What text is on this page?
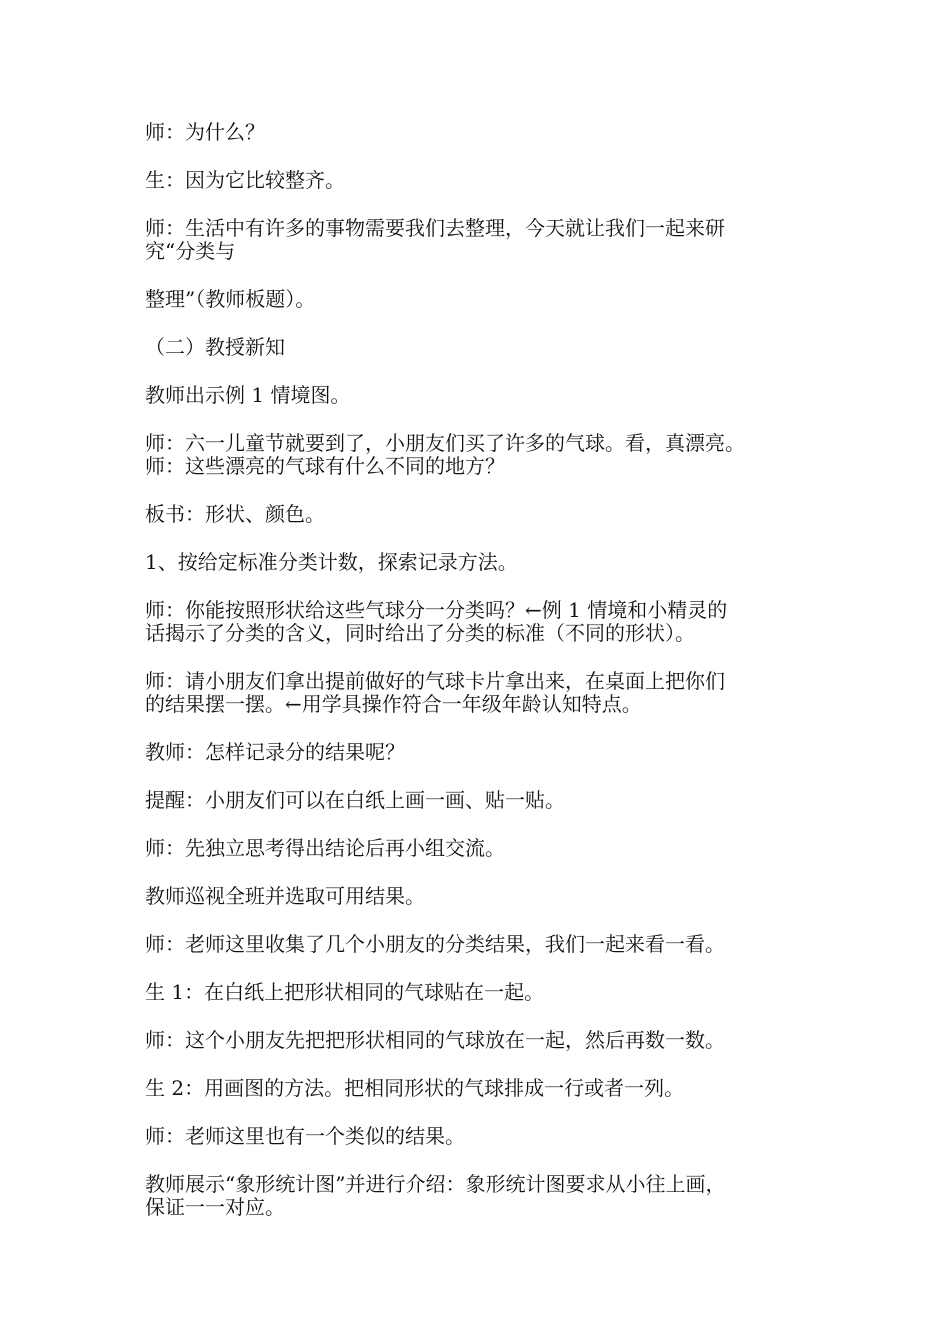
师：为什么？

生：因为它比较整齐。

师：生活中有许多的事物需要我们去整理，今天就让我们一起来研
究“分类与

整理”（教师板题）。

（二）教授新知

教师出示例 1 情境图。

师：六一儿童节就要到了，小朋友们买了许多的气球。看，真漂亮。
师：这些漂亮的气球有什么不同的地方？

板书：形状、颜色。

1、按给定标准分类计数，探索记录方法。

师：你能按照形状给这些气球分一分类吗？←例 1 情境和小精灵的
话揭示了分类的含义，同时给出了分类的标准（不同的形状）。

师：请小朋友们拿出提前做好的气球卡片拿出来，在桌面上把你们
的结果摆一摆。←用学具操作符合一年级年龄认知特点。

教师：怎样记录分的结果呢？

提醒：小朋友们可以在白纸上画一画、贴一贴。

师：先独立思考得出结论后再小组交流。

教师巡视全班并选取可用结果。

师：老师这里收集了几个小朋友的分类结果，我们一起来看一看。

生 1：在白纸上把形状相同的气球贴在一起。

师：这个小朋友先把把形状相同的气球放在一起，然后再数一数。

生 2：用画图的方法。把相同形状的气球排成一行或者一列。

师：老师这里也有一个类似的结果。

教师展示“象形统计图”并进行介绍：象形统计图要求从小往上画，
保证一一对应。
